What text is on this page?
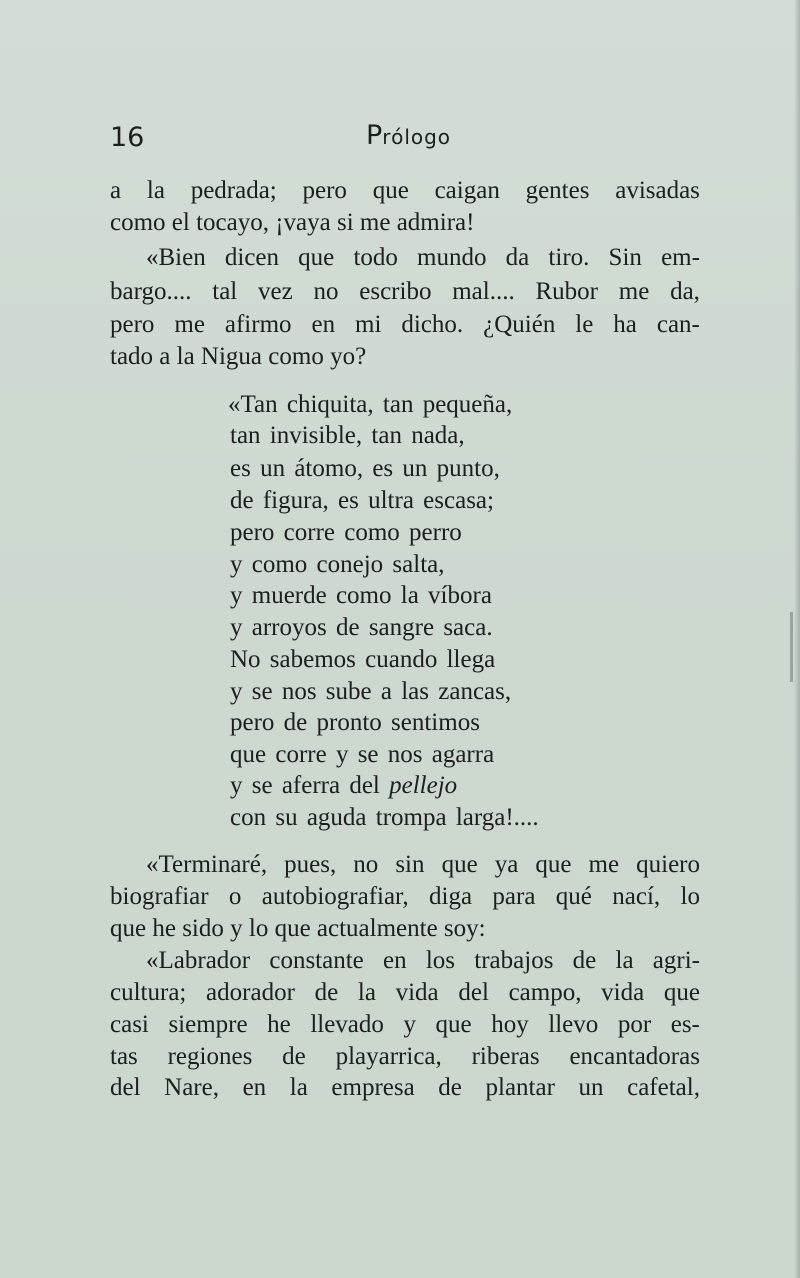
16	Prólogo
a la pedrada; pero que caigan gentes avisadas
como el tocayo, ¡vaya si me admira!
«Bien dicen que todo mundo da tiro. Sin em-
bargo.... tal vez no escribo mal.... Rubor me da,
pero me afirmo en mi dicho. ¿Quién le ha can-
tado a la Nigua como yo?
«Tan chiquita, tan pequeña,
tan invisible, tan nada,
es un átomo, es un punto,
de figura, es ultra escasa;
pero corre como perro
y como conejo salta,
y muerde como la víbora
y arroyos de sangre saca.
No sabemos cuando llega
y se nos sube a las zancas,
pero de pronto sentimos
que corre y se nos agarra
y se aferra del pellejo
con su aguda trompa larga!....
«Terminaré, pues, no sin que ya que me quiero
biografiar o autobiografiar, diga para qué nací, lo
que he sido y lo que actualmente soy:
«Labrador constante en los trabajos de la agri-
cultura; adorador de la vida del campo, vida que
casi siempre he llevado y que hoy llevo por es-
tas regiones de playarrica, riberas encantadoras
del Nare, en la empresa de plantar un cafetal,
